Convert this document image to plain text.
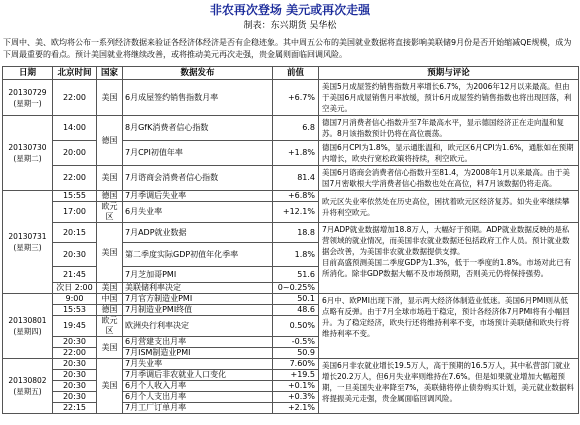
非农再次登场 美元或再次走强
制表：东兴期货 吴华松
下周中、美、欧均将公布一系列经济数据来验证各经济体经济是否有企稳迹象。其中周五公布的美国就业数据将直接影响美联储9月份是否开始缩减QE规模，成为下周最重要的看点。预计美国就业将继续改善，或将推动美元再次走强，贵金属则面临回调风险。
日期	北京时间	国家	数据发布	前值	预期与评论
20130729
(星期一)	22:00	美国	6月成屋签约销售指数月率	+6.7%	美国5月成屋签约销售指数月率增长6.7%，为2006年12月以来最高。但由于美国6月成屋销售月率放缓，预计6月成屋签约销售指数也将出现回落，利空美元。
20130730
(星期二)	14:00	德国	8月GfK消费者信心指数	6.8	德国7月消费者信心指数升至7年最高水平，显示德国经济正在走向温和复苏。8月该指数预计仍将在高位震荡。
	20:00		7月CPI初值年率	+1.8%	德国6月CPI为1.8%，显示通胀温和，欧元区6月CPI为1.6%，通胀如在预期内增长，欧央行宽松政策将持续，利空欧元。
	22:00	美国	7月谘商会消费者信心指数	81.4	美国6月谘商会消费者信心指数升至81.4，为2008年1月以来最高。由于美国7月密歇根大学消费者信心指数也处在高位，料7月该数据仍将走高。
20130731
(星期三)	15:55	德国	7月季调后失业率	+6.8%	欧元区失业率依然处在历史高位，困扰着欧元区经济复苏。如失业率继续攀升将利空欧元。
	17:00	欧元区	6月失业率	+12.1%	
	20:15	美国	7月ADP就业数据	18.8	7月ADP就业数据增加18.8万人，大幅好于预期。ADP就业数据反映的是私营领域的就业情况，而美国非农就业数据还包括政府工作人员。预计就业数据会改善，为美国非农就业数据提供支撑。
目前高盛预测美国二季度GDP为1.3%，低于一季度的1.8%。市场对此已有所消化。除非GDP数据大幅不及市场预期，否则美元仍将保持强势。

	20:30		第二季度实际GDP初值年化季率	1.8%	
	21:45		7月芝加哥PMI	51.6	
	次日 2:00	美国	美联储利率决定	0~0.25%	
20130801
(星期四)	9:00	中国	7月官方制造业PMI	50.1	6月中、欧PMI出现下滑，显示两大经济体制造业低迷。美国6月PMI则从低点略有反弹。由于7月全球市场趋于稳定，预计各经济体7月PMI将有小幅回升。为了稳定经济，欧央行还将维持利率不变，市场预计美联储和欧央行将维持利率不变。
	15:53	德国	7月制造业PMI终值	48.6	
	19:45	欧元区	欧洲央行利率决定	0.50%	
	20:30	美国	6月营建支出月率	-0.5%	
	22:00		7月ISM制造业PMI	50.9	
20130802
(星期五)	20:30	美国	7月失业率	7.60%	美国6月非农就业增长19.5万人，高于预期的16.5万人，其中私营部门就业增长20.2万人，但6月失业率则维持在7.6%。但是如果就业增加大幅超预期，一旦美国失业率降至7%，美联储将停止债券购买计划，美元就业数据料将提振美元走强，贵金属面临回调风险。
	20:30		7月季调后非农就业人口变化	+19.5	
	20:30		6月个人收入月率	+0.1%	
	20:30		6月个人支出月率	+0.3%	
	22:15		7月工厂订单月率	+2.1%	
